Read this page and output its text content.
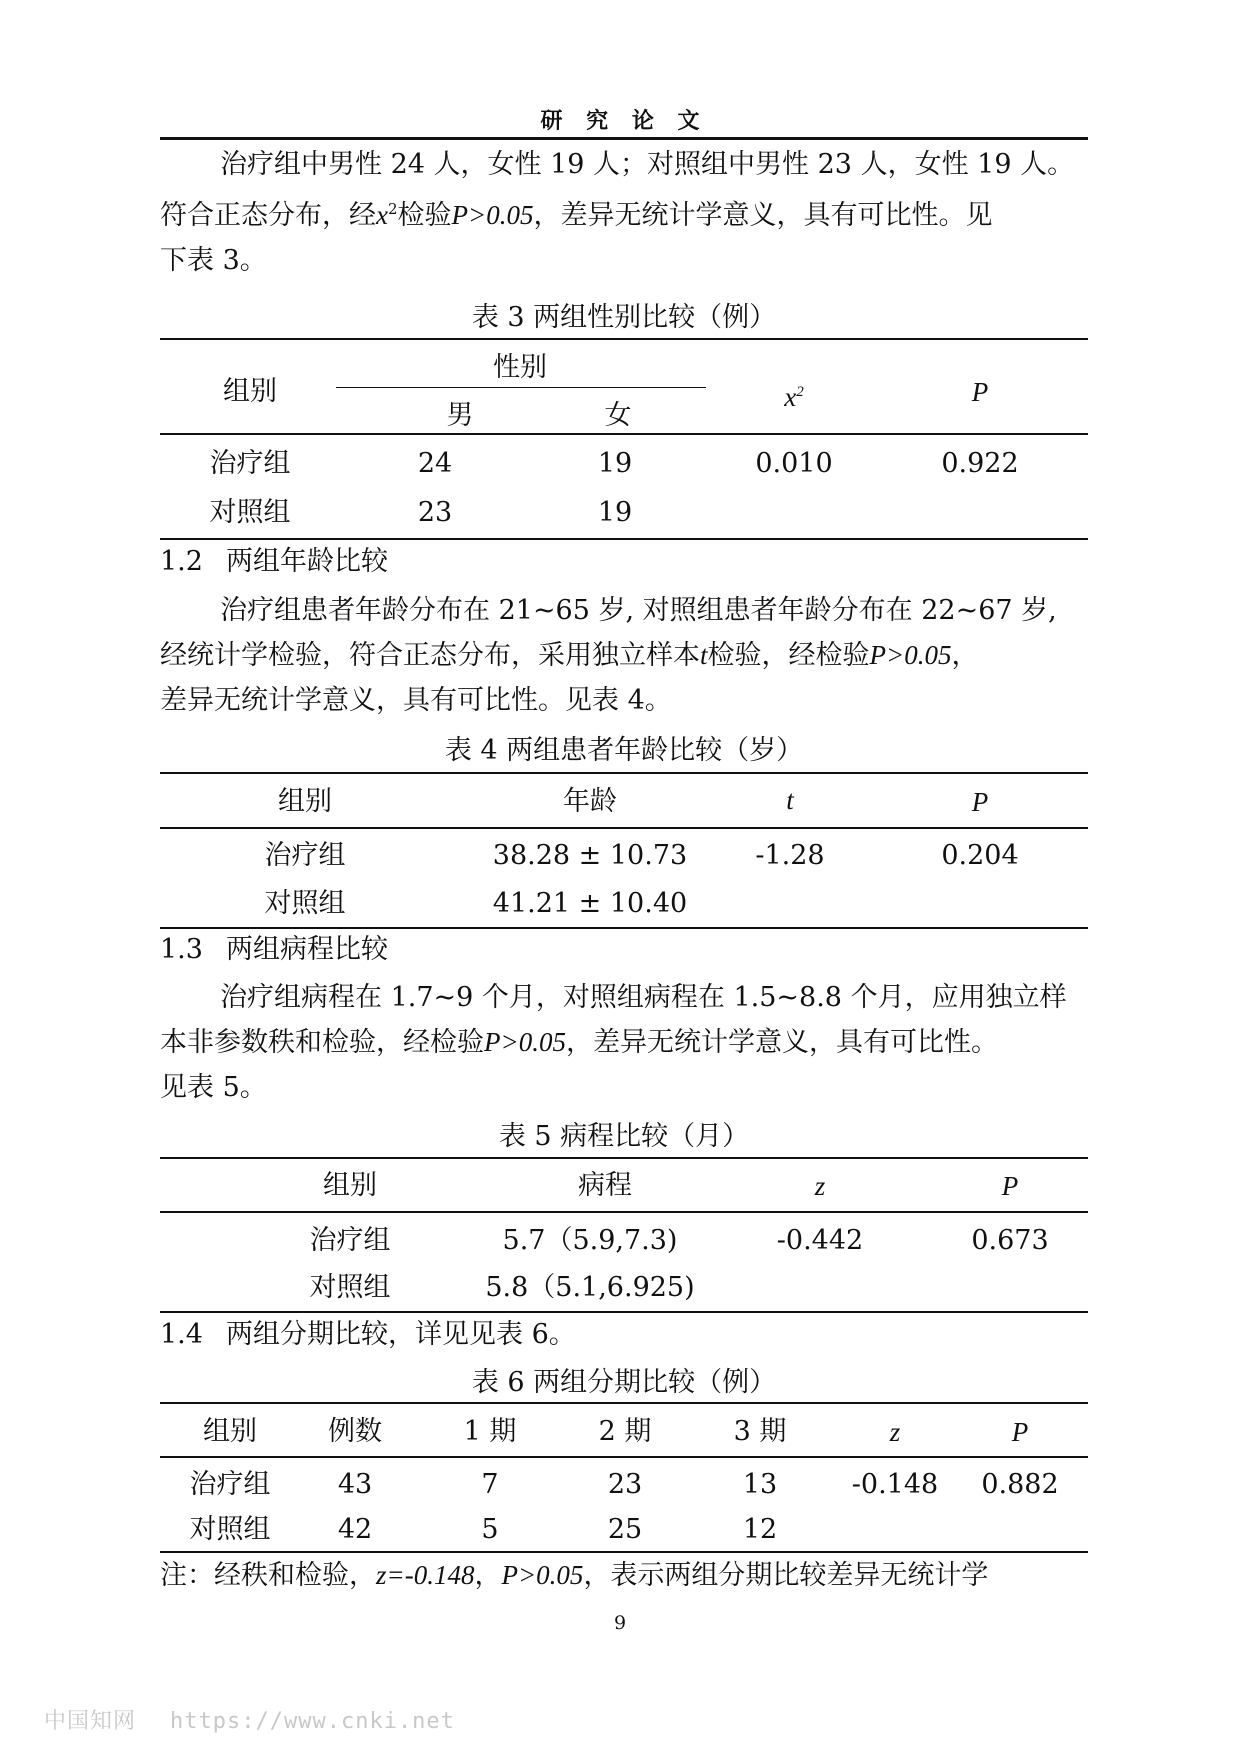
研 究 论 文
治疗组中男性 24 人，女性 19 人；对照组中男性 23 人，女性 19 人。
符合正态分布，经$x^2$检验P>0.05，差异无统计学意义，具有可比性。见
下表 3。
表 3 两组性别比较（例）
组别
性别
男	女
$x^2$	P
治疗组	24	19	0.010	0.922
对照组	23	19
1.2 两组年龄比较
治疗组患者年龄分布在 21~65 岁, 对照组患者年龄分布在 22~67 岁,
经统计学检验，符合正态分布，采用独立样本t检验，经检验P>0.05，
差异无统计学意义，具有可比性。见表 4。
表 4 两组患者年龄比较（岁）
组别	年龄	t	P
治疗组	38.28 ± 10.73	-1.28	0.204
对照组	41.21 ± 10.40
1.3 两组病程比较
治疗组病程在 1.7~9 个月，对照组病程在 1.5~8.8 个月，应用独立样
本非参数秩和检验，经检验P>0.05，差异无统计学意义，具有可比性。
见表 5。
表 5 病程比较（月）
组别	病程	z	P
治疗组	5.7（5.9,7.3)	-0.442	0.673
对照组	5.8（5.1,6.925)
1.4 两组分期比较，详见见表 6。
表 6 两组分期比较（例）
组别	例数	1 期	2 期	3 期	z	P
治疗组	43	7	23	13	-0.148	0.882
对照组	42	5	25	12
注：经秩和检验，z=-0.148，P>0.05，表示两组分期比较差异无统计学
9
中国知网 https://www.cnki.net
